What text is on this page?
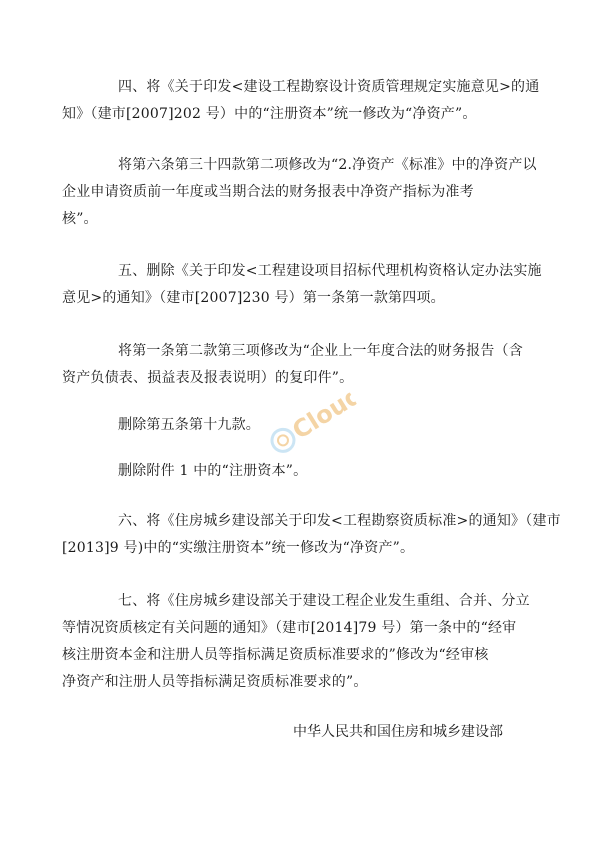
四、将《关于印发<建设工程勘察设计资质管理规定实施意见>的通
知》（建市[2007]202 号）中的“注册资本”统一修改为“净资产”。

将第六条第三十四款第二项修改为“2.净资产《标准》中的净资产以
企业申请资质前一年度或当期合法的财务报表中净资产指标为准考
核”。

五、删除《关于印发<工程建设项目招标代理机构资格认定办法实施
意见>的通知》（建市[2007]230 号）第一条第一款第四项。

将第一条第二款第三项修改为“企业上一年度合法的财务报告（含
资产负债表、损益表及报表说明）的复印件”。

删除第五条第十九款。

删除附件 1 中的“注册资本”。

六、将《住房城乡建设部关于印发<工程勘察资质标准>的通知》（建市
[2013]9 号)中的“实缴注册资本”统一修改为“净资产”。

七、将《住房城乡建设部关于建设工程企业发生重组、合并、分立
等情况资质核定有关问题的通知》（建市[2014]79 号）第一条中的“经审
核注册资本金和注册人员等指标满足资质标准要求的”修改为“经审核
净资产和注册人员等指标满足资质标准要求的”。

中华人民共和国住房和城乡建设部
Cloud
